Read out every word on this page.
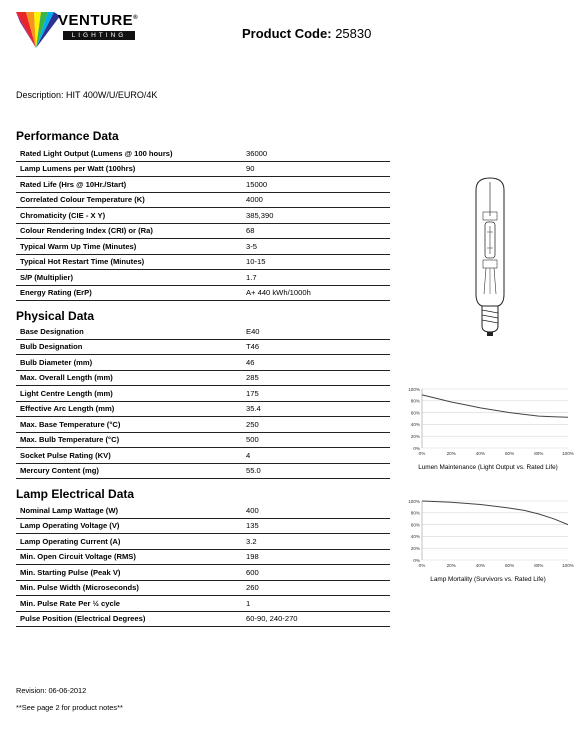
VENTURE®
LIGHTING	Product Code: 25830
Description: HIT 400W/U/EURO/4K
Performance Data
Rated Light Output (Lumens @ 100 hours)	36000
Lamp Lumens per Watt (100hrs)	90
Rated Life (Hrs @ 10Hr./Start)	15000
Correlated Colour Temperature (K)	4000
Chromaticity (CIE - X Y)	385,390
Colour Rendering Index (CRI) or (Ra)	68
Typical Warm Up Time (Minutes)	3-5
Typical Hot Restart Time (Minutes)	10-15
S/P (Multiplier)	1.7
Energy Rating (ErP)	A+ 440 kWh/1000h
Physical Data
Base Designation	E40
Bulb Designation	T46
Bulb Diameter (mm)	46
Max. Overall Length (mm)	285
Light Centre Length (mm)	175
Effective Arc Length (mm)	35.4
Max. Base Temperature (°C)	250
Max. Bulb Temperature (°C)	500
Socket Pulse Rating (KV)	4
Mercury Content (mg)	55.0
Lamp Electrical Data
Nominal Lamp Wattage (W)	400
Lamp Operating Voltage (V)	135
Lamp Operating Current (A)	3.2
Min. Open Circuit Voltage (RMS)	198
Min. Starting Pulse (Peak V)	600
Min. Pulse Width (Microseconds)	260
Min. Pulse Rate Per ½ cycle	1
Pulse Position (Electrical Degrees)	60-90, 240-270
100%
80%
60%
40%
20%
0%
0%	20%	40%	60%	80%	100%
Lumen Maintenance (Light Output vs. Rated Life)
100%
80%
60%
40%
20%
0%
0%	20%	40%	60%	80%	100%
Lamp Mortality (Survivors vs. Rated Life)
Revision: 06-06-2012
**See page 2 for product notes**
